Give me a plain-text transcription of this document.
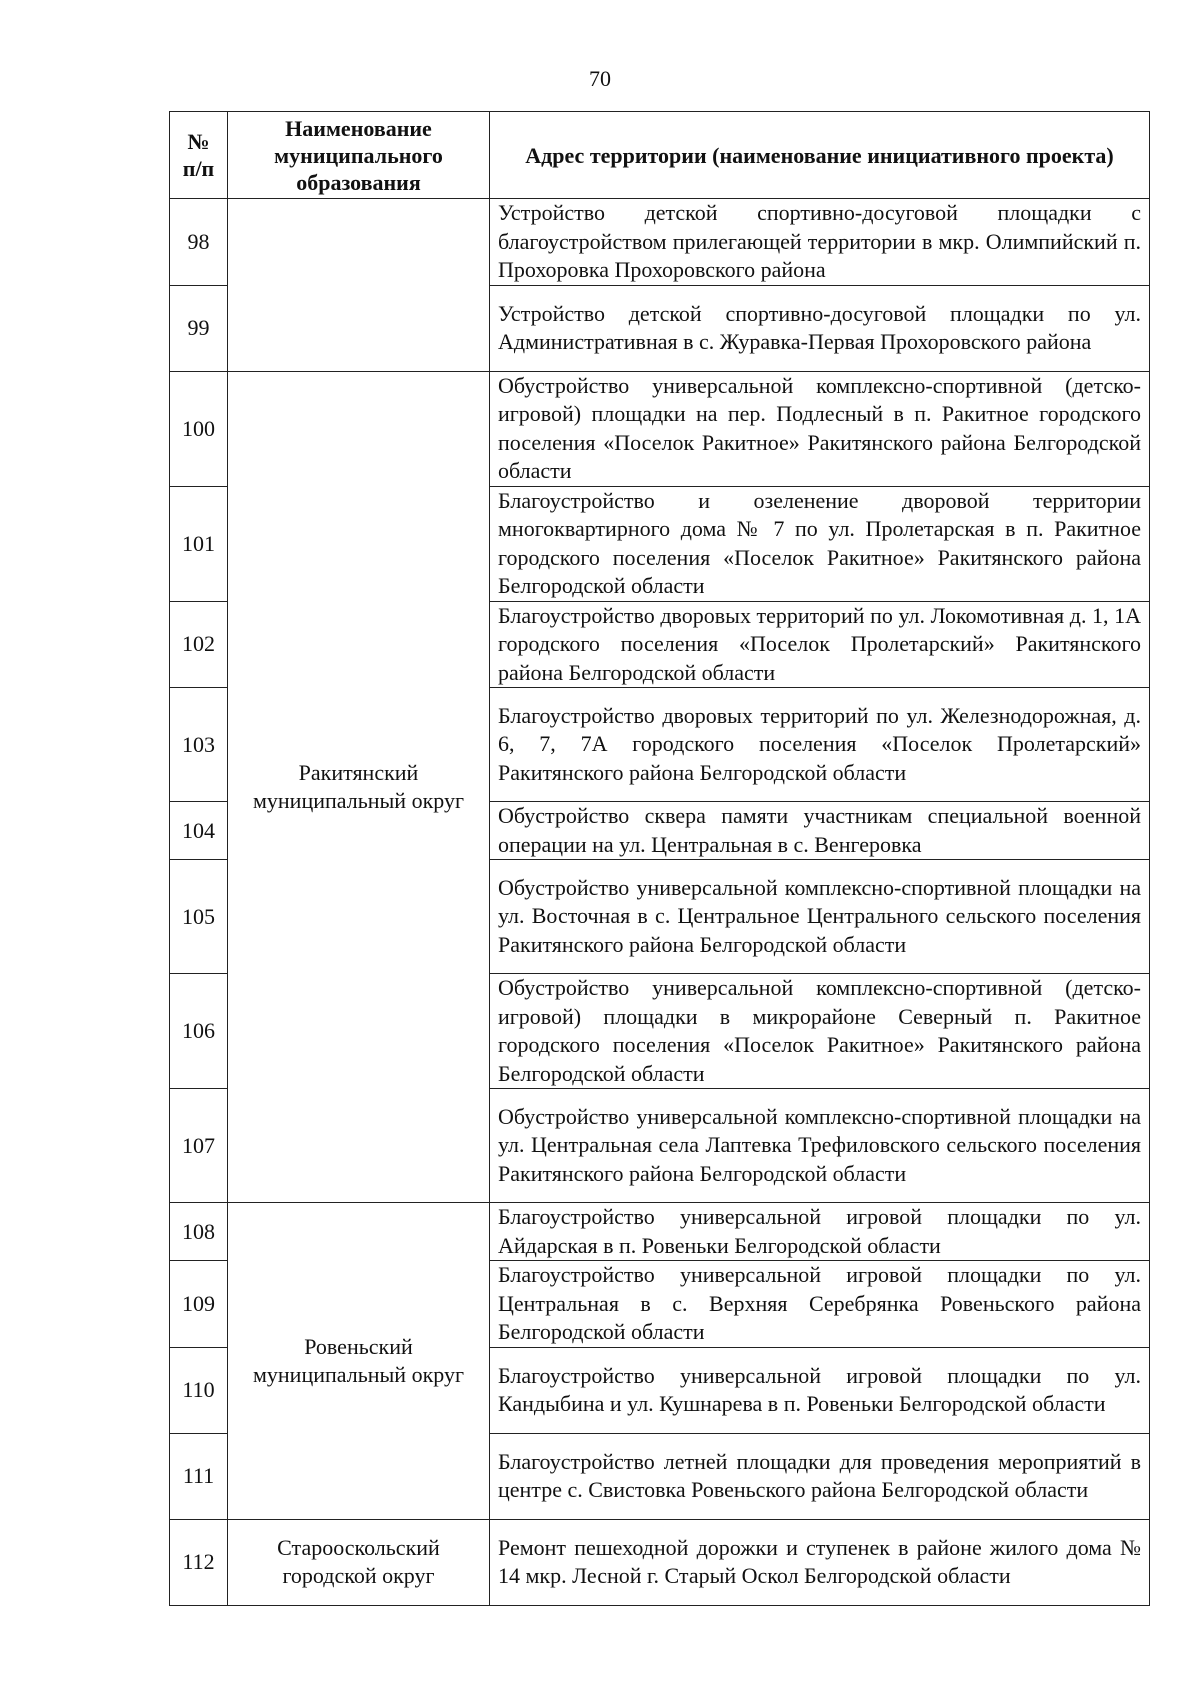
70
№ п/п	Наименование муниципального образования	Адрес территории (наименование инициативного проекта)
98		Устройство детской спортивно-досуговой площадки с благоустройством прилегающей территории в мкр. Олимпийский п. Прохоровка Прохоровского района
99		Устройство детской спортивно-досуговой площадки по ул. Административная в с. Журавка-Первая Прохоровского района
100	Ракитянский муниципальный округ	Обустройство универсальной комплексно-спортивной (детско-игровой) площадки на пер. Подлесный в п. Ракитное городского поселения «Поселок Ракитное» Ракитянского района Белгородской области
101		Благоустройство и озеленение дворовой территории многоквартирного дома № 7 по ул. Пролетарская в п. Ракитное городского поселения «Поселок Ракитное» Ракитянского района Белгородской области
102		Благоустройство дворовых территорий по ул. Локомотивная д. 1, 1А городского поселения «Поселок Пролетарский» Ракитянского района Белгородской области
103		Благоустройство дворовых территорий по ул. Железнодорожная, д. 6, 7, 7А городского поселения «Поселок Пролетарский» Ракитянского района Белгородской области
104		Обустройство сквера памяти участникам специальной военной операции на ул. Центральная в с. Венгеровка
105		Обустройство универсальной комплексно-спортивной площадки на ул. Восточная в с. Центральное Центрального сельского поселения Ракитянского района Белгородской области
106		Обустройство универсальной комплексно-спортивной (детско-игровой) площадки в микрорайоне Северный п. Ракитное городского поселения «Поселок Ракитное» Ракитянского района Белгородской области
107		Обустройство универсальной комплексно-спортивной площадки на ул. Центральная села Лаптевка Трефиловского сельского поселения Ракитянского района Белгородской области
108	Ровеньский муниципальный округ	Благоустройство универсальной игровой площадки по ул. Айдарская в п. Ровеньки Белгородской области
109		Благоустройство универсальной игровой площадки по ул. Центральная в с. Верхняя Серебрянка Ровеньского района Белгородской области
110		Благоустройство универсальной игровой площадки по ул. Кандыбина и ул. Кушнарева в п. Ровеньки Белгородской области
111		Благоустройство летней площадки для проведения мероприятий в центре с. Свистовка Ровеньского района Белгородской области
112	Старооскольский городской округ	Ремонт пешеходной дорожки и ступенек в районе жилого дома № 14 мкр. Лесной г. Старый Оскол Белгородской области
